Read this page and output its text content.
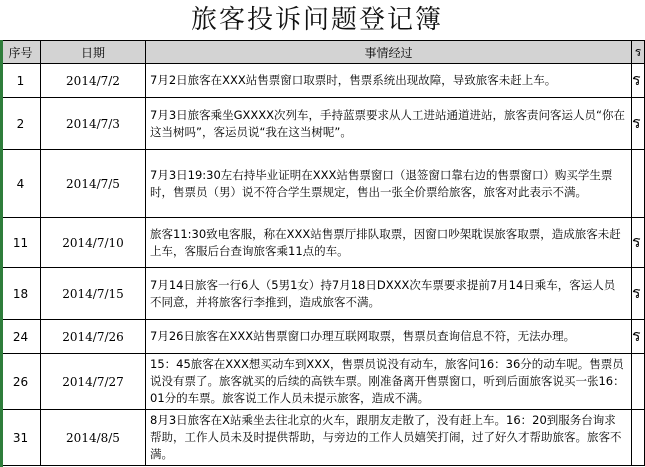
旅客投诉问题登记簿
序号	日期	事情经过	ร
1	2014/7/2	7月2日旅客在XXX站售票窗口取票时，售票系统出现故障，导致旅客未赶上车。	ร
2	2014/7/3	7月3日旅客乘坐GXXXX次列车，手持蓝票要求从人工进站通道进站，旅客责问客运人员“你在这当树吗”，客运员说“我在这当树呢”。	ร
4	2014/7/5	7月3日19:30左右持毕业证明在XXX站售票窗口（退签窗口靠右边的售票窗口）购买学生票时，售票员（男）说不符合学生票规定，售出一张全价票给旅客，旅客对此表示不满。	
11	2014/7/10	旅客11:30致电客服，称在XXX站售票厅排队取票，因窗口吵架耽误旅客取票，造成旅客未赶上车，客服后台查询旅客乘11点的车。	ร
18	2014/7/15	7月14日旅客一行6人（5男1女）持7月18日DXXX次车票要求提前7月14日乘车，客运人员不同意，并将旅客行李推到，造成旅客不满。	ร
24	2014/7/26	7月26日旅客在XXX站售票窗口办理互联网取票，售票员查询信息不符，无法办理。	ร
26	2014/7/27	15：45旅客在XXX想买动车到XXX，售票员说没有动车，旅客问16：36分的动车呢。售票员说没有票了。旅客就买的后续的高铁车票。刚准备离开售票窗口，听到后面旅客说买一张16：01分的车票。旅客说工作人员未提示旅客，造成不满。	
31	2014/8/5	8月3日旅客在X站乘坐去往北京的火车，跟朋友走散了，没有赶上车。16：20到服务台询求帮助，工作人员未及时提供帮助，与旁边的工作人员嬉笑打闹，过了好久才帮助旅客。旅客不满。	
